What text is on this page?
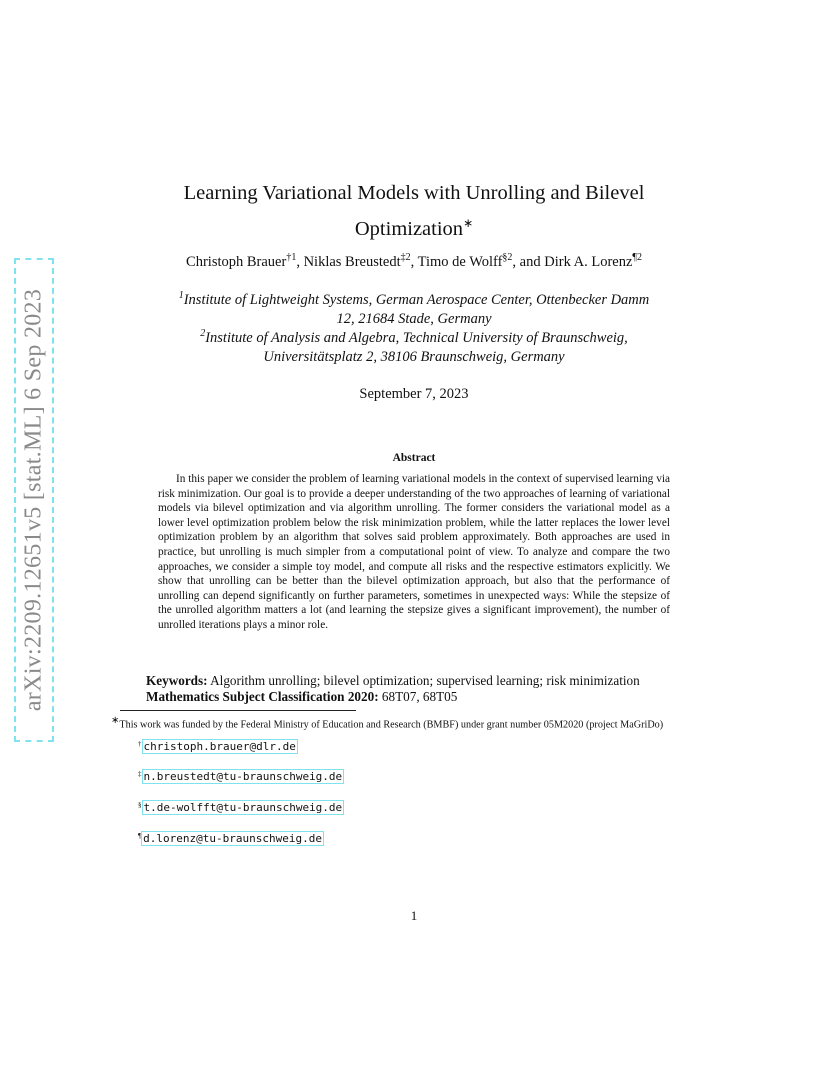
arXiv:2209.12651v5 [stat.ML] 6 Sep 2023
Learning Variational Models with Unrolling and Bilevel
Optimization∗
Christoph Brauer$^{\dagger 1}$, Niklas Breustedt$^{\ddagger 2}$, Timo de Wolff$^{\S 2}$, and Dirk A. Lorenz$^{\P 2}$
$^1$Institute of Lightweight Systems, German Aerospace Center, Ottenbecker Damm
12, 21684 Stade, Germany
$^2$Institute of Analysis and Algebra, Technical University of Braunschweig,
Universitätsplatz 2, 38106 Braunschweig, Germany
September 7, 2023
Abstract
In this paper we consider the problem of learning variational models in the context of supervised learning via risk minimization. Our goal is to provide a deeper understanding of the two approaches of learning of variational models via bilevel optimization and via algorithm unrolling. The former considers the variational model as a lower level optimization problem below the risk minimization problem, while the latter replaces the lower level optimization problem by an algorithm that solves said problem approximately. Both approaches are used in practice, but unrolling is much simpler from a computational point of view. To analyze and compare the two approaches, we consider a simple toy model, and compute all risks and the respective estimators explicitly. We show that unrolling can be better than the bilevel optimization approach, but also that the performance of unrolling can depend significantly on further parameters, sometimes in unexpected ways: While the stepsize of the unrolled algorithm matters a lot (and learning the stepsize gives a significant improvement), the number of unrolled iterations plays a minor role.
Keywords: Algorithm unrolling; bilevel optimization; supervised learning; risk minimization
Mathematics Subject Classification 2020: 68T07, 68T05
∗This work was funded by the Federal Ministry of Education and Research (BMBF) under grant number 05M2020 (project MaGriDo)
† christoph.brauer@dlr.de
‡ n.breustedt@tu-braunschweig.de
§ t.de-wolfft@tu-braunschweig.de
¶ d.lorenz@tu-braunschweig.de
1
